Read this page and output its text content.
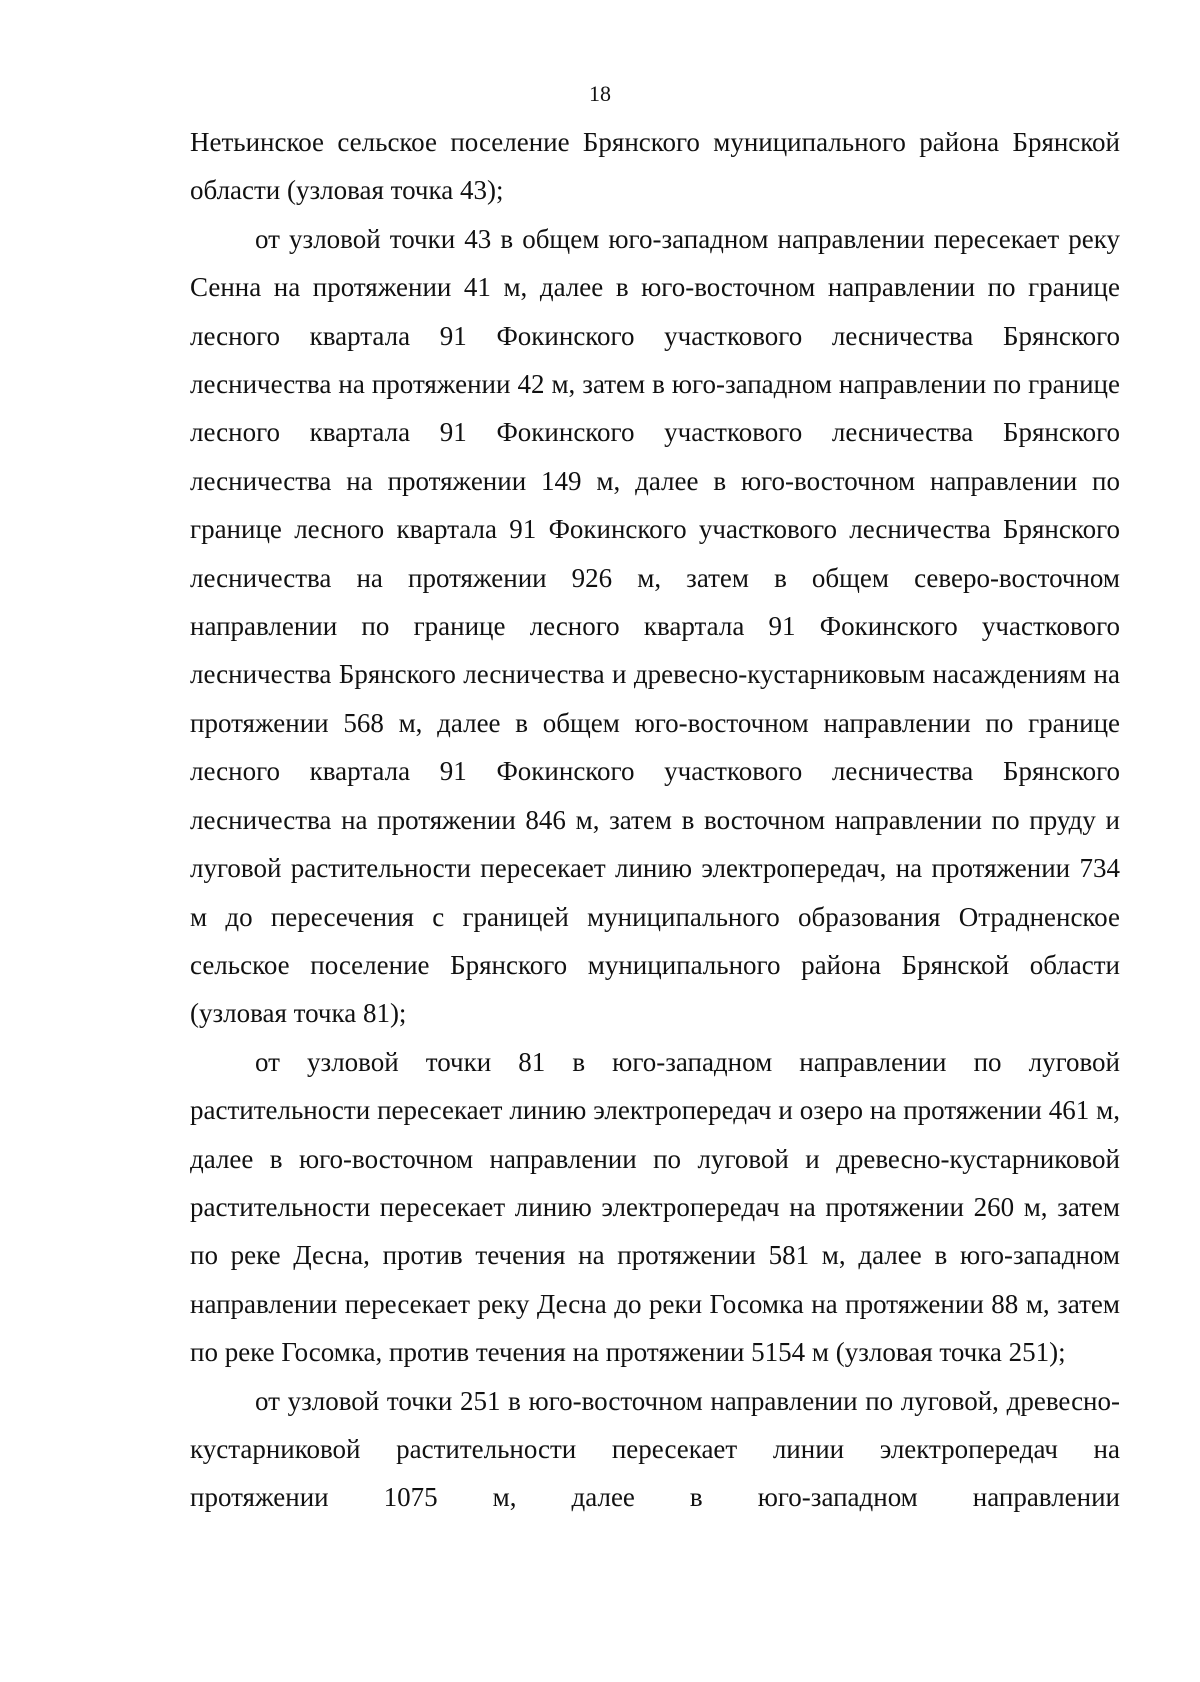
18

Нетьинское сельское поселение Брянского муниципального района Брянской области (узловая точка 43);

от узловой точки 43 в общем юго-западном направлении пересекает реку Сенна на протяжении 41 м, далее в юго-восточном направлении по границе лесного квартала 91 Фокинского участкового лесничества Брянского лесничества на протяжении 42 м, затем в юго-западном направлении по границе лесного квартала 91 Фокинского участкового лесничества Брянского лесничества на протяжении 149 м, далее в юго-восточном направлении по границе лесного квартала 91 Фокинского участкового лесничества Брянского лесничества на протяжении 926 м, затем в общем северо-восточном направлении по границе лесного квартала 91 Фокинского участкового лесничества Брянского лесничества и древесно-кустарниковым насаждениям на протяжении 568 м, далее в общем юго-восточном направлении по границе лесного квартала 91 Фокинского участкового лесничества Брянского лесничества на протяжении 846 м, затем в восточном направлении по пруду и луговой растительности пересекает линию электропередач, на протяжении 734 м до пересечения с границей муниципального образования Отрадненское сельское поселение Брянского муниципального района Брянской области (узловая точка 81);

от узловой точки 81 в юго-западном направлении по луговой растительности пересекает линию электропередач и озеро на протяжении 461 м, далее в юго-восточном направлении по луговой и древесно-кустарниковой растительности пересекает линию электропередач на протяжении 260 м, затем по реке Десна, против течения на протяжении 581 м, далее в юго-западном направлении пересекает реку Десна до реки Госомка на протяжении 88 м, затем по реке Госомка, против течения на протяжении 5154 м (узловая точка 251);

от узловой точки 251 в юго-восточном направлении по луговой, древесно-кустарниковой растительности пересекает линии электропередач на протяжении 1075 м, далее в юго-западном направлении
